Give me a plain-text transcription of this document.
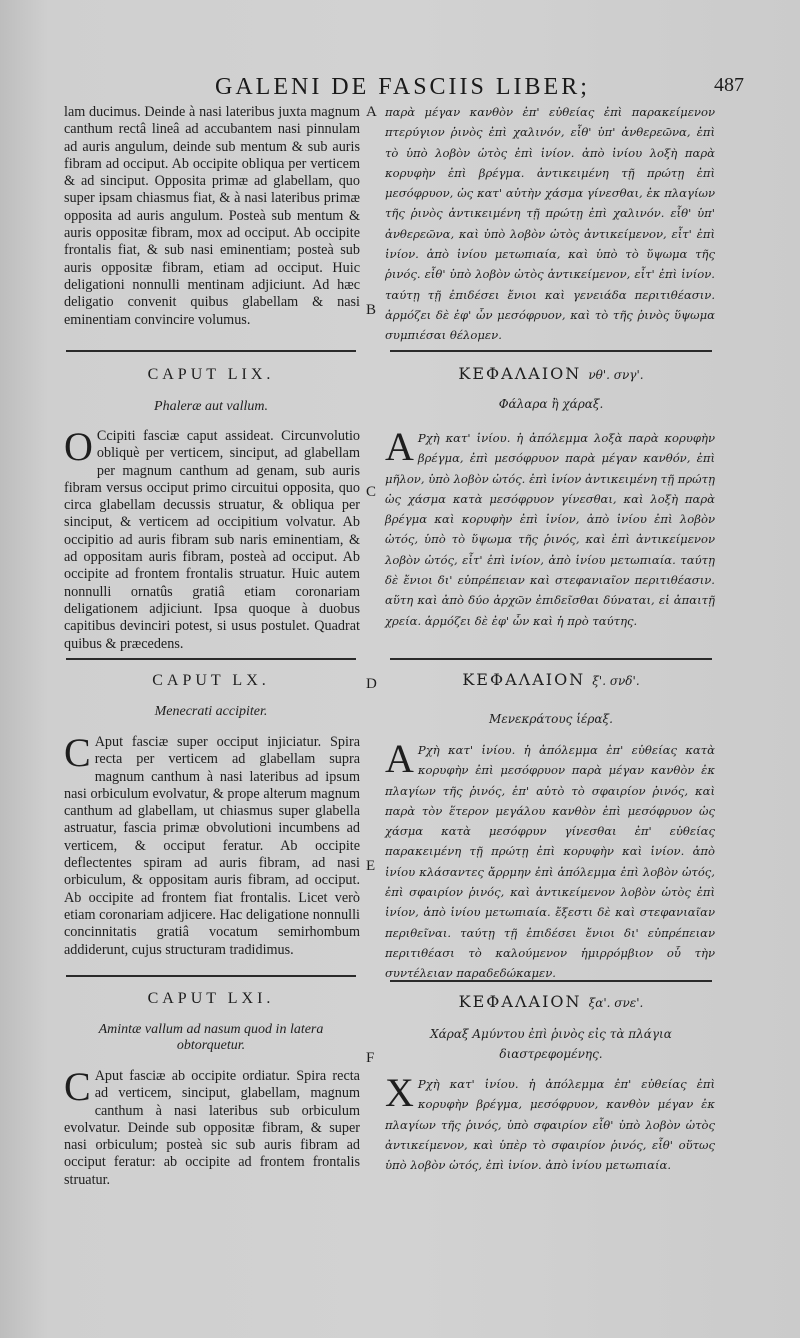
GALENI DE FASCIIS LIBER;	487
A
B
C
D
E
F

lam ducimus. Deinde à nasi lateribus juxta magnum canthum rectâ lineâ ad accubantem nasi pinnulam ad auris angulum, deinde sub mentum & sub auris fibram ad occiput. Ab occipite obliqua per verticem & ad sinciput. Opposita primæ ad glabellam, quo super ipsam chiasmus fiat, & à nasi lateribus primæ opposita ad auris angulum. Posteà sub mentum & auris oppositæ fibram, mox ad occiput. Ab occipite frontalis fiat, & sub nasi eminentiam; posteà sub auris oppositæ fibram, etiam ad occiput. Huic deligationi nonnulli mentinam adjiciunt. Ad hæc deligatio convenit quibus glabellam & nasi eminentiam convincire volumus.

CAPUT LIX.
Phaleræ aut vallum.

O Ccipiti fasciæ caput assideat. Circunvolutio obliquè per verticem, sinciput, ad glabellam per magnum canthum ad genam, sub auris fibram versus occiput primo circuitui opposita, quo circa glabellam decussis struatur, & obliqua per sinciput, & verticem ad occipitium volvatur. Ab occipitio ad auris fibram sub naris eminentiam, & ad oppositam auris fibram, posteà ad occiput. Ab occipite ad frontem frontalis struatur. Huic autem nonnulli ornatûs gratiâ etiam coronariam deligationem adjiciunt. Ipsa quoque à duobus capitibus devinciri potest, si usus postulet. Quadrat quibus & præcedens.

CAPUT LX.
Menecrati accipiter.

C Aput fasciæ super occiput injiciatur. Spira recta per verticem ad glabellam supra magnum canthum à nasi lateribus ad ipsum nasi orbiculum evolvatur, & prope alterum magnum canthum ad glabellam, ut chiasmus super glabella astruatur, fascia primæ obvolutioni incumbens ad verticem, & occiput feratur. Ab occipite deflectentes spiram ad auris fibram, ad nasi orbiculum, & oppositam auris fibram, ad occiput. Ab occipite ad frontem fiat frontalis. Licet verò etiam coronariam adjicere. Hac deligatione nonnulli concinnitatis gratiâ vocatum semirhombum addiderunt, cujus structuram tradidimus.

CAPUT LXI.
Amintæ vallum ad nasum quod in latera obtorquetur.

C Aput fasciæ ab occipite ordiatur. Spira recta ad verticem, sinciput, glabellam, magnum canthum à nasi lateribus sub orbiculum evolvatur. Deinde sub oppositæ fibram, & super nasi orbiculum; posteà sic sub auris fibram ad occiput feratur: ab occipite ad frontem frontalis struatur.

παρὰ μέγαν κανθὸν ἐπ' εὐθείας ἐπὶ παρακείμενον πτερύγιον ῥινὸς ἐπὶ χαλινόν, εἶθ' ὑπ' ἀνθερεῶνα, ἐπὶ τὸ ὑπὸ λοβὸν ὠτὸς ἐπὶ ἰνίον. ἀπὸ ἰνίου λοξὴ παρὰ κορυφὴν ἐπὶ βρέγμα. ἀντικειμένη τῇ πρώτῃ ἐπὶ μεσόφρυον, ὡς κατ' αὐτὴν χάσμα γίνεσθαι, ἐκ πλαγίων τῆς ῥινὸς ἀντικειμένη τῇ πρώτῃ ἐπὶ χαλινόν. εἶθ' ὑπ' ἀνθερεῶνα, καὶ ὑπὸ λοβὸν ὠτὸς ἀντικείμενον, εἶτ' ἐπὶ ἰνίον. ἀπὸ ἰνίου μετωπιαία, καὶ ὑπὸ τὸ ὕψωμα τῆς ῥινός. εἶθ' ὑπὸ λοβὸν ὠτὸς ἀντικείμενον, εἶτ' ἐπὶ ἰνίον. ταύτῃ τῇ ἐπιδέσει ἔνιοι καὶ γενειάδα περιτιθέασιν. ἁρμόζει δὲ ἐφ' ὧν μεσόφρυον, καὶ τὸ τῆς ῥινὸς ὕψωμα συμπιέσαι θέλομεν.

ΚΕΦΑΛΑΙΟΝ νθ'. σνγ'.
Φάλαρα ἢ χάραξ.

Α Ρχὴ κατ' ἰνίου. ἡ ἀπόλεμμα λοξὰ παρὰ κορυφὴν βρέγμα, ἐπὶ μεσόφρυον παρὰ μέγαν κανθόν, ἐπὶ μῆλον, ὑπὸ λοβὸν ὠτός. ἐπὶ ἰνίον ἀντικειμένη τῇ πρώτῃ ὡς χάσμα κατὰ μεσόφρυον γίνεσθαι, καὶ λοξὴ παρὰ βρέγμα καὶ κορυφὴν ἐπὶ ἰνίον, ἀπὸ ἰνίου ἐπὶ λοβὸν ὠτός, ὑπὸ τὸ ὕψωμα τῆς ῥινός, καὶ ἐπὶ ἀντικείμενον λοβὸν ὠτός, εἶτ' ἐπὶ ἰνίον, ἀπὸ ἰνίου μετωπιαία. ταύτῃ δὲ ἔνιοι δι' εὐπρέπειαν καὶ στεφανιαῖον περιτιθέασιν. αὕτη καὶ ἀπὸ δύο ἀρχῶν ἐπιδεῖσθαι δύναται, εἰ ἀπαιτῇ χρεία. ἁρμόζει δὲ ἐφ' ὧν καὶ ἡ πρὸ ταύτης.

ΚΕΦΑΛΑΙΟΝ ξ'. σνδ'.
Μενεκράτους ἱέραξ.

Α Ρχὴ κατ' ἰνίου. ἡ ἀπόλεμμα ἐπ' εὐθείας κατὰ κορυφὴν ἐπὶ μεσόφρυον παρὰ μέγαν κανθὸν ἐκ πλαγίων τῆς ῥινός, ἐπ' αὐτὸ τὸ σφαιρίον ῥινός, καὶ παρὰ τὸν ἕτερον μεγάλου κανθὸν ἐπὶ μεσόφρυον ὡς χάσμα κατὰ μεσόφρυν γίνεσθαι ἐπ' εὐθείας παρακειμένη τῇ πρώτῃ ἐπὶ κορυφὴν καὶ ἰνίον. ἀπὸ ἰνίου κλάσαντες ἄρρμην ἐπὶ ἀπόλεμμα ἐπὶ λοβὸν ὠτός, ἐπὶ σφαιρίον ῥινός, καὶ ἀντικείμενον λοβὸν ὠτὸς ἐπὶ ἰνίον, ἀπὸ ἰνίου μετωπιαία. ἔξεστι δὲ καὶ στεφανιαῖαν περιθεῖναι. ταύτῃ τῇ ἐπιδέσει ἔνιοι δι' εὐπρέπειαν περιτιθέασι τὸ καλούμενον ἡμιρρόμβιον οὗ τὴν συντέλειαν παραδεδώκαμεν.

ΚΕΦΑΛΑΙΟΝ ξα'. σνε'.
Χάραξ Αμύντου ἐπὶ ῥινὸς εἰς τὰ πλάγια διαστρεφομένης.

Χ Ρχὴ κατ' ἰνίου. ἡ ἀπόλεμμα ἐπ' εὐθείας ἐπὶ κορυφὴν βρέγμα, μεσόφρυον, κανθὸν μέγαν ἐκ πλαγίων τῆς ῥινός, ὑπὸ σφαιρίον εἶθ' ὑπὸ λοβὸν ὠτὸς ἀντικείμενον, καὶ ὑπὲρ τὸ σφαιρίον ῥινός, εἶθ' οὕτως ὑπὸ λοβὸν ὠτός, ἐπὶ ἰνίον. ἀπὸ ἰνίου μετωπιαία.
